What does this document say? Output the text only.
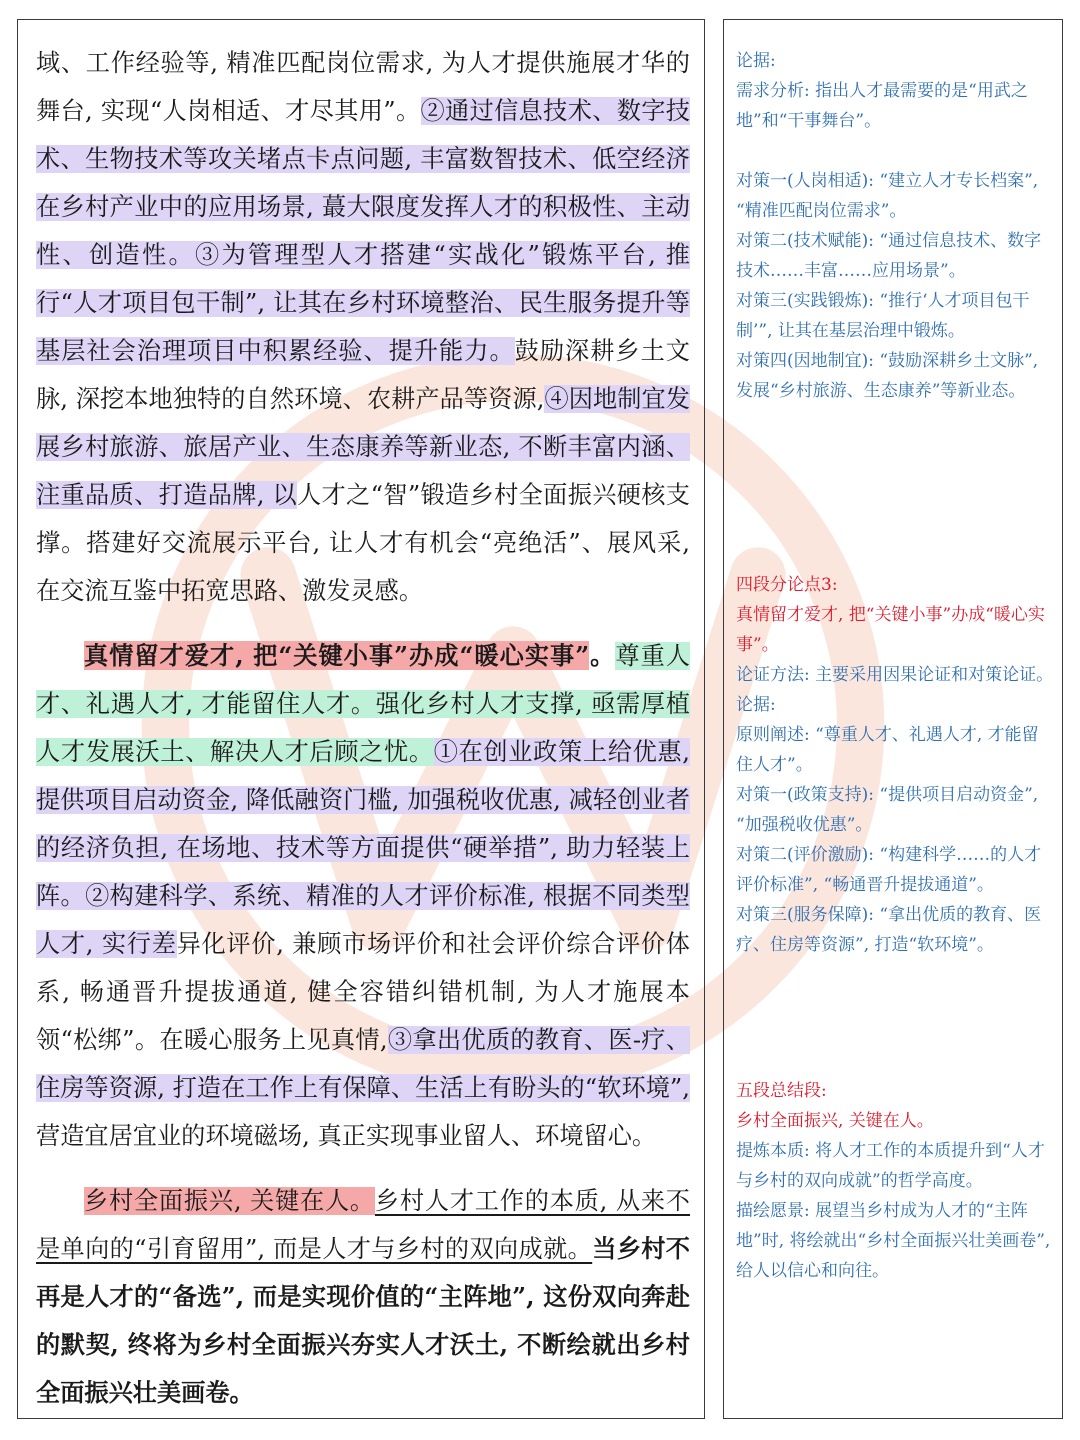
域、工作经验等, 精准匹配岗位需求, 为人才提供施展才华的舞台, 实现“人岗相适、才尽其用”。②通过信息技术、数字技术、生物技术等攻关堵点卡点问题, 丰富数智技术、低空经济在乡村产业中的应用场景, 蕞大限度发挥人才的积极性、主动性、创造性。③为管理型人才搭建“实战化”锻炼平台, 推行“人才项目包干制”, 让其在乡村环境整治、民生服务提升等基层社会治理项目中积累经验、提升能力。鼓励深耕乡土文脉, 深挖本地独特的自然环境、农耕产品等资源,④因地制宜发展乡村旅游、旅居产业、生态康养等新业态, 不断丰富内涵、注重品质、打造品牌, 以人才之“智”锻造乡村全面振兴硬核支撑。搭建好交流展示平台, 让人才有机会“亮绝活”、展风采, 在交流互鉴中拓宽思路、激发灵感。

真情留才爱才, 把“关键小事”办成“暖心实事”。尊重人才、礼遇人才, 才能留住人才。强化乡村人才支撑, 亟需厚植人才发展沃土、解决人才后顾之忧。①在创业政策上给优惠, 提供项目启动资金, 降低融资门槛, 加强税收优惠, 减轻创业者的经济负担, 在场地、技术等方面提供“硬举措”, 助力轻装上阵。②构建科学、系统、精准的人才评价标准, 根据不同类型人才, 实行差异化评价, 兼顾市场评价和社会评价综合评价体系, 畅通晋升提拔通道, 健全容错纠错机制, 为人才施展本领“松绑”。在暖心服务上见真情,③拿出优质的教育、医-疗、住房等资源, 打造在工作上有保障、生活上有盼头的“软环境”,营造宜居宜业的环境磁场, 真正实现事业留人、环境留心。

乡村全面振兴, 关键在人。乡村人才工作的本质, 从来不是单向的“引育留用”, 而是人才与乡村的双向成就。当乡村不再是人才的“备选”, 而是实现价值的“主阵地”, 这份双向奔赴的默契, 终将为乡村全面振兴夯实人才沃土, 不断绘就出乡村全面振兴壮美画卷。

论据:

需求分析: 指出人才最需要的是“用武之地”和“干事舞台”。

对策一(人岗相适): “建立人才专长档案”, “精准匹配岗位需求”。

对策二(技术赋能): “通过信息技术、数字技术……丰富……应用场景”。

对策三(实践锻炼): “推行‘人才项目包干制’”, 让其在基层治理中锻炼。

对策四(因地制宜): “鼓励深耕乡土文脉”, 发展“乡村旅游、生态康养”等新业态。

四段分论点3:

真情留才爱才, 把“关键小事”办成“暖心实事”。

论证方法: 主要采用因果论证和对策论证。

论据:

原则阐述: “尊重人才、礼遇人才, 才能留住人才”。

对策一(政策支持): “提供项目启动资金”, “加强税收优惠”。

对策二(评价激励): “构建科学……的人才评价标准”, “畅通晋升提拔通道”。

对策三(服务保障): “拿出优质的教育、医疗、住房等资源”, 打造“软环境”。

五段总结段:

乡村全面振兴, 关键在人。

提炼本质: 将人才工作的本质提升到“人才与乡村的双向成就”的哲学高度。

描绘愿景: 展望当乡村成为人才的“主阵地”时, 将绘就出“乡村全面振兴壮美画卷”, 给人以信心和向往。
